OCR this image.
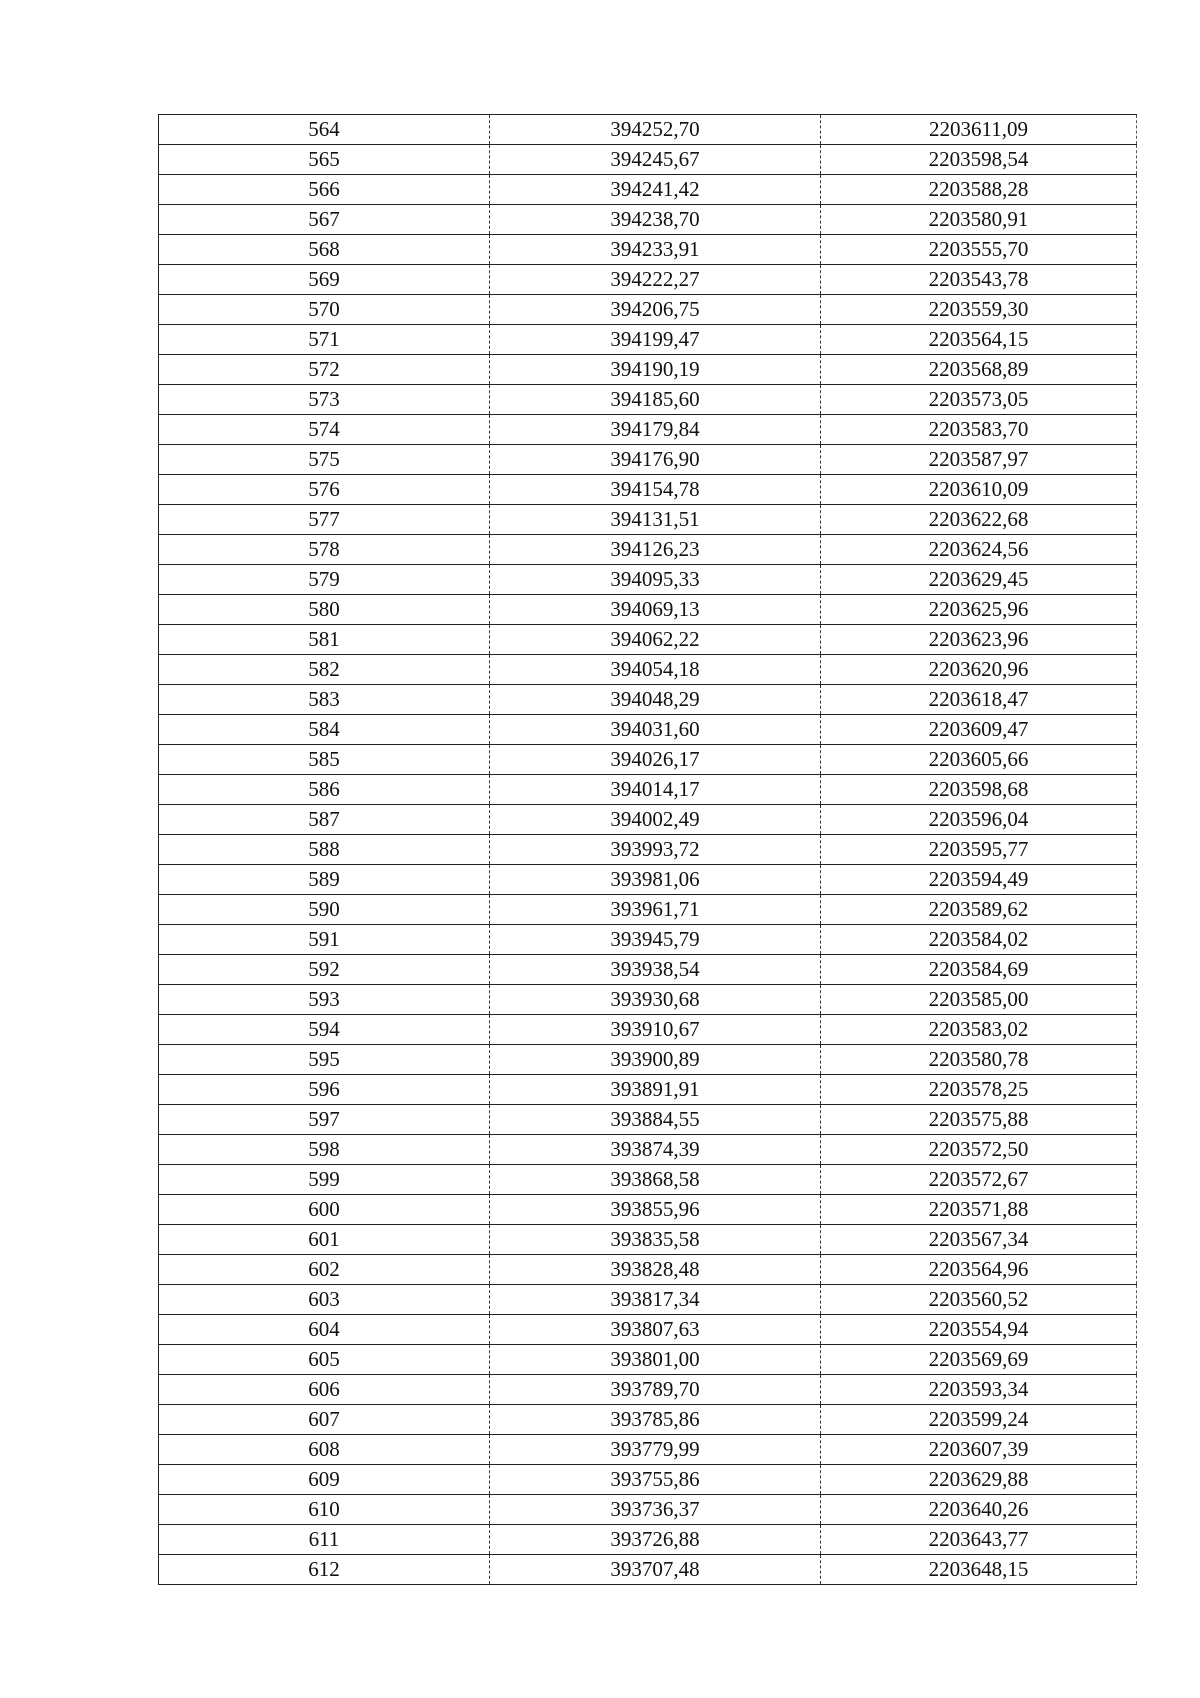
564	394252,70	2203611,09
565	394245,67	2203598,54
566	394241,42	2203588,28
567	394238,70	2203580,91
568	394233,91	2203555,70
569	394222,27	2203543,78
570	394206,75	2203559,30
571	394199,47	2203564,15
572	394190,19	2203568,89
573	394185,60	2203573,05
574	394179,84	2203583,70
575	394176,90	2203587,97
576	394154,78	2203610,09
577	394131,51	2203622,68
578	394126,23	2203624,56
579	394095,33	2203629,45
580	394069,13	2203625,96
581	394062,22	2203623,96
582	394054,18	2203620,96
583	394048,29	2203618,47
584	394031,60	2203609,47
585	394026,17	2203605,66
586	394014,17	2203598,68
587	394002,49	2203596,04
588	393993,72	2203595,77
589	393981,06	2203594,49
590	393961,71	2203589,62
591	393945,79	2203584,02
592	393938,54	2203584,69
593	393930,68	2203585,00
594	393910,67	2203583,02
595	393900,89	2203580,78
596	393891,91	2203578,25
597	393884,55	2203575,88
598	393874,39	2203572,50
599	393868,58	2203572,67
600	393855,96	2203571,88
601	393835,58	2203567,34
602	393828,48	2203564,96
603	393817,34	2203560,52
604	393807,63	2203554,94
605	393801,00	2203569,69
606	393789,70	2203593,34
607	393785,86	2203599,24
608	393779,99	2203607,39
609	393755,86	2203629,88
610	393736,37	2203640,26
611	393726,88	2203643,77
612	393707,48	2203648,15
